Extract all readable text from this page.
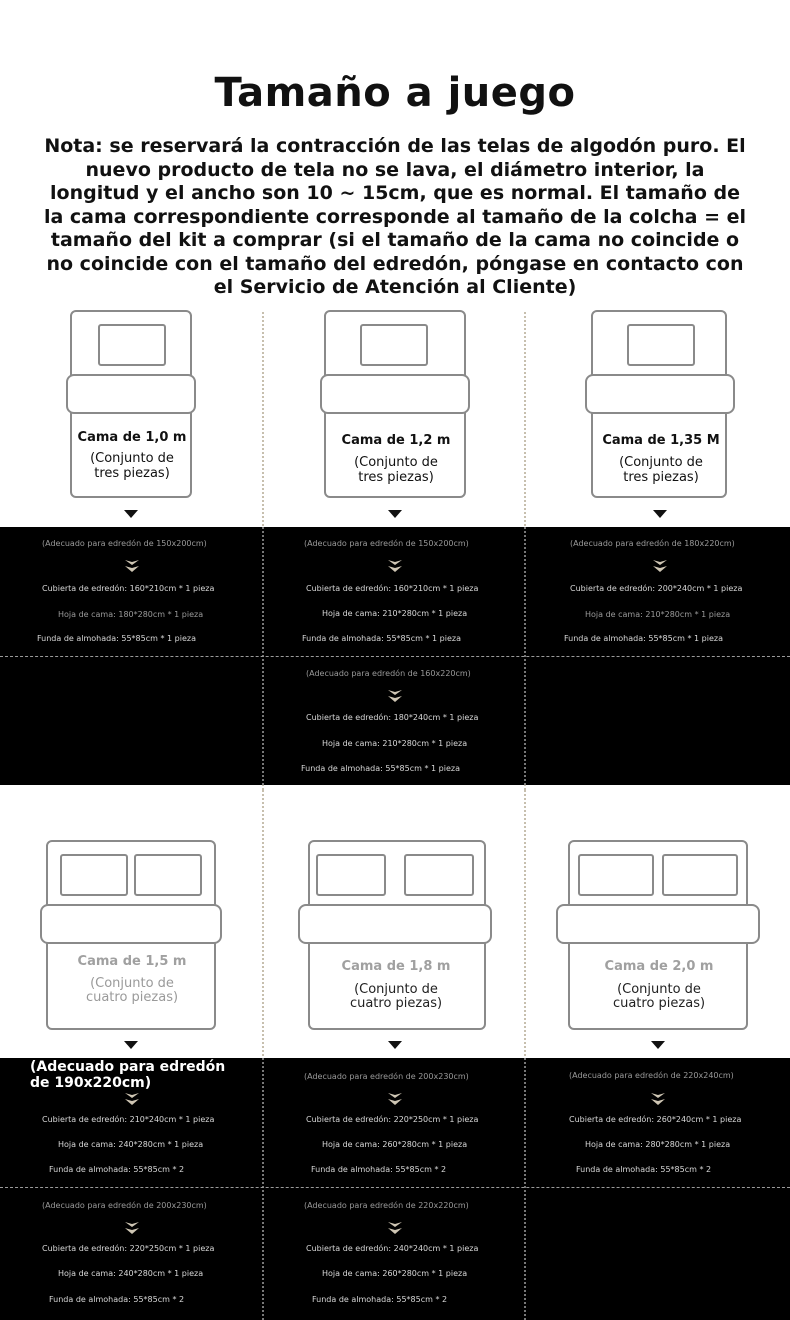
Tamaño a juego
Nota: se reservará la contracción de las telas de algodón puro. El nuevo producto de tela no se lava, el diámetro interior, la longitud y el ancho son 10 ~ 15cm, que es normal. El tamaño de la cama correspondiente corresponde al tamaño de la colcha = el tamaño del kit a comprar (si el tamaño de la cama no coincide o no coincide con el tamaño del edredón, póngase en contacto con el Servicio de Atención al Cliente)
Cama de 1,0 m
(Conjunto de
tres piezas)
Cama de 1,2 m
(Conjunto de
tres piezas)
Cama de 1,35 M
(Conjunto de
tres piezas)
(Adecuado para edredón de 150x200cm)
Cubierta de edredón: 160*210cm * 1 pieza
Hoja de cama: 180*280cm * 1 pieza
Funda de almohada: 55*85cm * 1 pieza
(Adecuado para edredón de 150x200cm)
Cubierta de edredón: 160*210cm * 1 pieza
Hoja de cama: 210*280cm * 1 pieza
Funda de almohada: 55*85cm * 1 pieza
(Adecuado para edredón de 180x220cm)
Cubierta de edredón: 200*240cm * 1 pieza
Hoja de cama: 210*280cm * 1 pieza
Funda de almohada: 55*85cm * 1 pieza
(Adecuado para edredón de 160x220cm)
Cubierta de edredón: 180*240cm * 1 pieza
Hoja de cama: 210*280cm * 1 pieza
Funda de almohada: 55*85cm * 1 pieza
Cama de 1,5 m
(Conjunto de
cuatro piezas)
Cama de 1,8 m
(Conjunto de
cuatro piezas)
Cama de 2,0 m
(Conjunto de
cuatro piezas)
(Adecuado para edredón de 190x220cm)
Cubierta de edredón: 210*240cm * 1 pieza
Hoja de cama: 240*280cm * 1 pieza
Funda de almohada: 55*85cm * 2
(Adecuado para edredón de 200x230cm)
Cubierta de edredón: 220*250cm * 1 pieza
Hoja de cama: 260*280cm * 1 pieza
Funda de almohada: 55*85cm * 2
(Adecuado para edredón de 220x240cm)
Cubierta de edredón: 260*240cm * 1 pieza
Hoja de cama: 280*280cm * 1 pieza
Funda de almohada: 55*85cm * 2
(Adecuado para edredón de 200x230cm)
Cubierta de edredón: 220*250cm * 1 pieza
Hoja de cama: 240*280cm * 1 pieza
Funda de almohada: 55*85cm * 2
(Adecuado para edredón de 220x220cm)
Cubierta de edredón: 240*240cm * 1 pieza
Hoja de cama: 260*280cm * 1 pieza
Funda de almohada: 55*85cm * 2
